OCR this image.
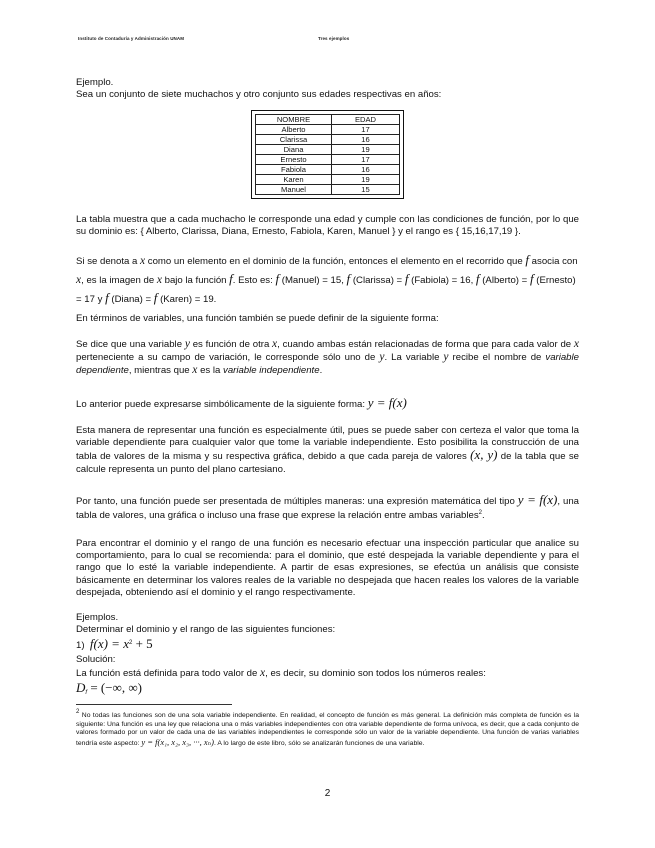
Instituto de Contaduría y Administración UNAM	Tres ejemplos

Ejemplo.

Sea un conjunto de siete muchachos y otro conjunto sus edades respectivas en años:

NOMBRE	EDAD
Alberto	17
Clarissa	16
Diana	19
Ernesto	17
Fabiola	16
Karen	19
Manuel	15
La tabla muestra que a cada muchacho le corresponde una edad y cumple con las condiciones de función, por lo que su dominio es: { Alberto, Clarissa, Diana, Ernesto, Fabiola, Karen, Manuel } y el rango es { 15,16,17,19 }.
Si se denota a x como un elemento en el dominio de la función, entonces el elemento en el recorrido que f asocia con x, es la imagen de x bajo la función f. Esto es: f (Manuel) = 15, f (Clarissa) = f (Fabiola) = 16, f (Alberto) = f (Ernesto) = 17 y f (Diana) = f (Karen) = 19.
En términos de variables, una función también se puede definir de la siguiente forma:
Se dice que una variable y es función de otra x, cuando ambas están relacionadas de forma que para cada valor de x perteneciente a su campo de variación, le corresponde sólo uno de y. La variable y recibe el nombre de variable dependiente, mientras que x es la variable independiente.
Lo anterior puede expresarse simbólicamente de la siguiente forma: y = f(x)
Esta manera de representar una función es especialmente útil, pues se puede saber con certeza el valor que toma la variable dependiente para cualquier valor que tome la variable independiente. Esto posibilita la construcción de una tabla de valores de la misma y su respectiva gráfica, debido a que cada pareja de valores (x, y) de la tabla que se calcule representa un punto del plano cartesiano.
Por tanto, una función puede ser presentada de múltiples maneras: una expresión matemática del tipo y = f(x), una tabla de valores, una gráfica o incluso una frase que exprese la relación entre ambas variables$^2$.
Para encontrar el dominio y el rango de una función es necesario efectuar una inspección particular que analice su comportamiento, para lo cual se recomienda: para el dominio, que esté despejada la variable dependiente y para el rango que lo esté la variable independiente. A partir de esas expresiones, se efectúa un análisis que consiste básicamente en determinar los valores reales de la variable no despejada que hacen reales los valores de la variable despejada, obteniendo así el dominio y el rango respectivamente.

Ejemplos.

Determinar el dominio y el rango de las siguientes funciones:

1) $f(x) = x^2 + 5$

Solución:

La función está definida para todo valor de x, es decir, su dominio son todos los números reales:

$D_f$ = (−∞, ∞)

$^2$ No todas las funciones son de una sola variable independiente. En realidad, el concepto de función es más general. La definición más completa de función es la siguiente: Una función es una ley que relaciona una o más variables independientes con otra variable dependiente de forma unívoca, es decir, que a cada conjunto de valores formado por un valor de cada una de las variables independientes le corresponde sólo un valor de la variable dependiente. Una función de varias variables tendría este aspecto: y = f(x₁, x₂, x₃, ···, xₙ). A lo largo de este libro, sólo se analizarán funciones de una variable.
2
